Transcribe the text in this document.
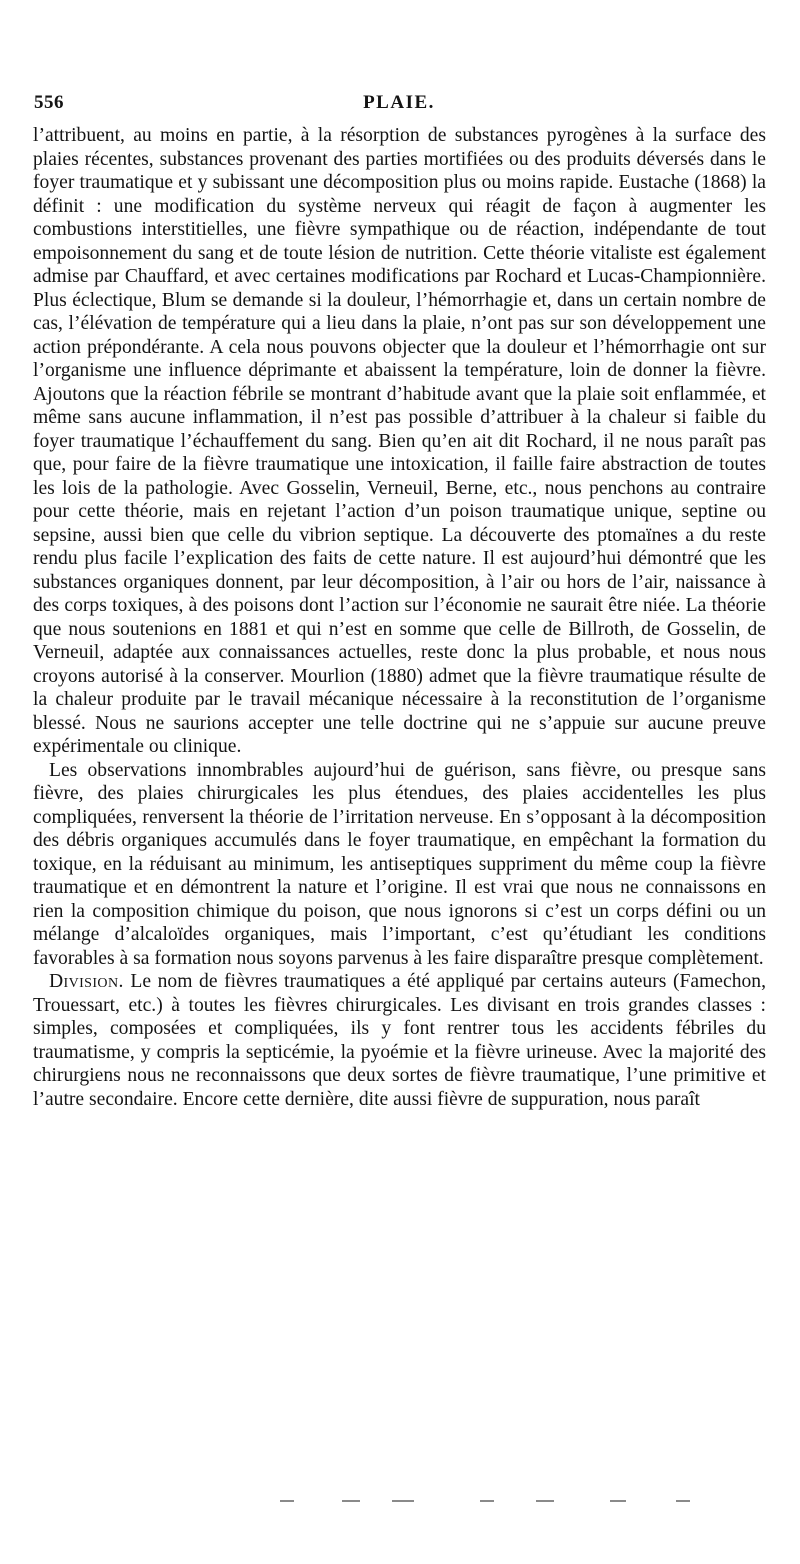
556	PLAIE.

l’attribuent, au moins en partie, à la résorption de substances pyrogènes à la surface des plaies récentes, substances provenant des parties mortifiées ou des produits déversés dans le foyer traumatique et y subissant une décomposition plus ou moins rapide. Eustache (1868) la définit : une modification du système nerveux qui réagit de façon à augmenter les combustions interstitielles, une fièvre sympathique ou de réaction, indépendante de tout empoisonnement du sang et de toute lésion de nutrition. Cette théorie vitaliste est également admise par Chauffard, et avec certaines modifications par Rochard et Lucas-Championnière. Plus éclectique, Blum se demande si la douleur, l’hémorrhagie et, dans un certain nombre de cas, l’élévation de température qui a lieu dans la plaie, n’ont pas sur son développement une action prépondérante. A cela nous pouvons objecter que la douleur et l’hémorrhagie ont sur l’organisme une influence déprimante et abaissent la température, loin de donner la fièvre. Ajoutons que la réaction fébrile se montrant d’habitude avant que la plaie soit enflammée, et même sans aucune inflammation, il n’est pas possible d’attribuer à la chaleur si faible du foyer traumatique l’échauffement du sang. Bien qu’en ait dit Rochard, il ne nous paraît pas que, pour faire de la fièvre traumatique une intoxication, il faille faire abstraction de toutes les lois de la pathologie. Avec Gosselin, Verneuil, Berne, etc., nous penchons au contraire pour cette théorie, mais en rejetant l’action d’un poison traumatique unique, septine ou sepsine, aussi bien que celle du vibrion septique. La découverte des ptomaïnes a du reste rendu plus facile l’explication des faits de cette nature. Il est aujourd’hui démontré que les substances organiques donnent, par leur décomposition, à l’air ou hors de l’air, naissance à des corps toxiques, à des poisons dont l’action sur l’économie ne saurait être niée. La théorie que nous soutenions en 1881 et qui n’est en somme que celle de Billroth, de Gosselin, de Verneuil, adaptée aux connaissances actuelles, reste donc la plus probable, et nous nous croyons autorisé à la conserver. Mourlion (1880) admet que la fièvre traumatique résulte de la chaleur produite par le travail mécanique nécessaire à la reconstitution de l’organisme blessé. Nous ne saurions accepter une telle doctrine qui ne s’appuie sur aucune preuve expérimentale ou clinique.

Les observations innombrables aujourd’hui de guérison, sans fièvre, ou presque sans fièvre, des plaies chirurgicales les plus étendues, des plaies accidentelles les plus compliquées, renversent la théorie de l’irritation nerveuse. En s’opposant à la décomposition des débris organiques accumulés dans le foyer traumatique, en empêchant la formation du toxique, en la réduisant au minimum, les antiseptiques suppriment du même coup la fièvre traumatique et en démontrent la nature et l’origine. Il est vrai que nous ne connaissons en rien la composition chimique du poison, que nous ignorons si c’est un corps défini ou un mélange d’alcaloïdes organiques, mais l’important, c’est qu’étudiant les conditions favorables à sa formation nous soyons parvenus à les faire disparaître presque complètement.

Division. Le nom de fièvres traumatiques a été appliqué par certains auteurs (Famechon, Trouessart, etc.) à toutes les fièvres chirurgicales. Les divisant en trois grandes classes : simples, composées et compliquées, ils y font rentrer tous les accidents fébriles du traumatisme, y compris la septicémie, la pyoémie et la fièvre urineuse. Avec la majorité des chirurgiens nous ne reconnaissons que deux sortes de fièvre traumatique, l’une primitive et l’autre secondaire. Encore cette dernière, dite aussi fièvre de suppuration, nous paraît
